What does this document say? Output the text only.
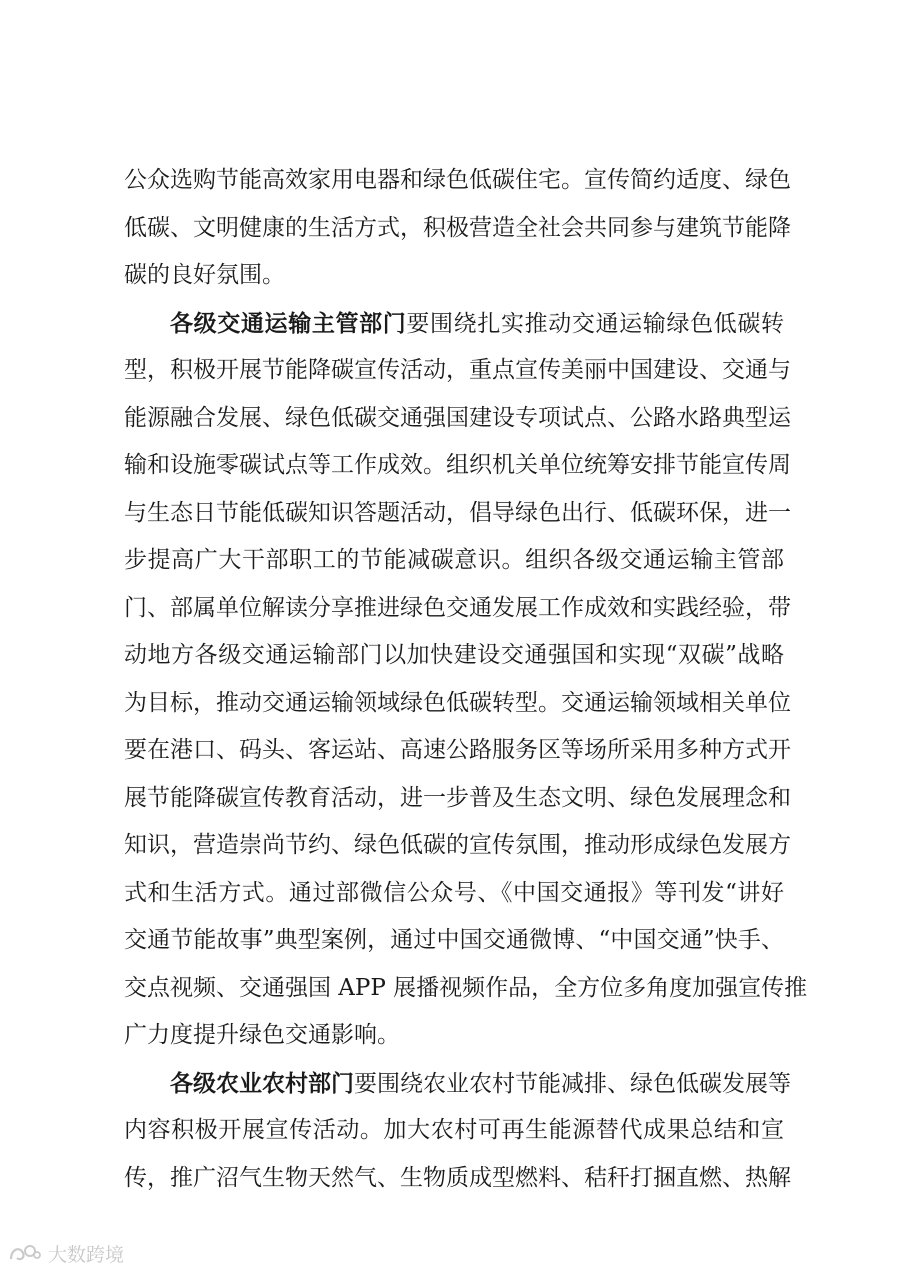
公众选购节能高效家用电器和绿色低碳住宅。宣传简约适度、绿色
低碳、文明健康的生活方式，积极营造全社会共同参与建筑节能降
碳的良好氛围。
各级交通运输主管部门要围绕扎实推动交通运输绿色低碳转
型，积极开展节能降碳宣传活动，重点宣传美丽中国建设、交通与
能源融合发展、绿色低碳交通强国建设专项试点、公路水路典型运
输和设施零碳试点等工作成效。组织机关单位统筹安排节能宣传周
与生态日节能低碳知识答题活动，倡导绿色出行、低碳环保，进一
步提高广大干部职工的节能减碳意识。组织各级交通运输主管部
门、部属单位解读分享推进绿色交通发展工作成效和实践经验，带
动地方各级交通运输部门以加快建设交通强国和实现“双碳”战略
为目标，推动交通运输领域绿色低碳转型。交通运输领域相关单位
要在港口、码头、客运站、高速公路服务区等场所采用多种方式开
展节能降碳宣传教育活动，进一步普及生态文明、绿色发展理念和
知识，营造崇尚节约、绿色低碳的宣传氛围，推动形成绿色发展方
式和生活方式。通过部微信公众号、《中国交通报》等刊发“讲好
交通节能故事”典型案例，通过中国交通微博、“中国交通”快手、
交点视频、交通强国 APP 展播视频作品，全方位多角度加强宣传推
广力度提升绿色交通影响。
各级农业农村部门要围绕农业农村节能减排、绿色低碳发展等
内容积极开展宣传活动。加大农村可再生能源替代成果总结和宣
传，推广沼气生物天然气、生物质成型燃料、秸秆打捆直燃、热解
大数跨境
